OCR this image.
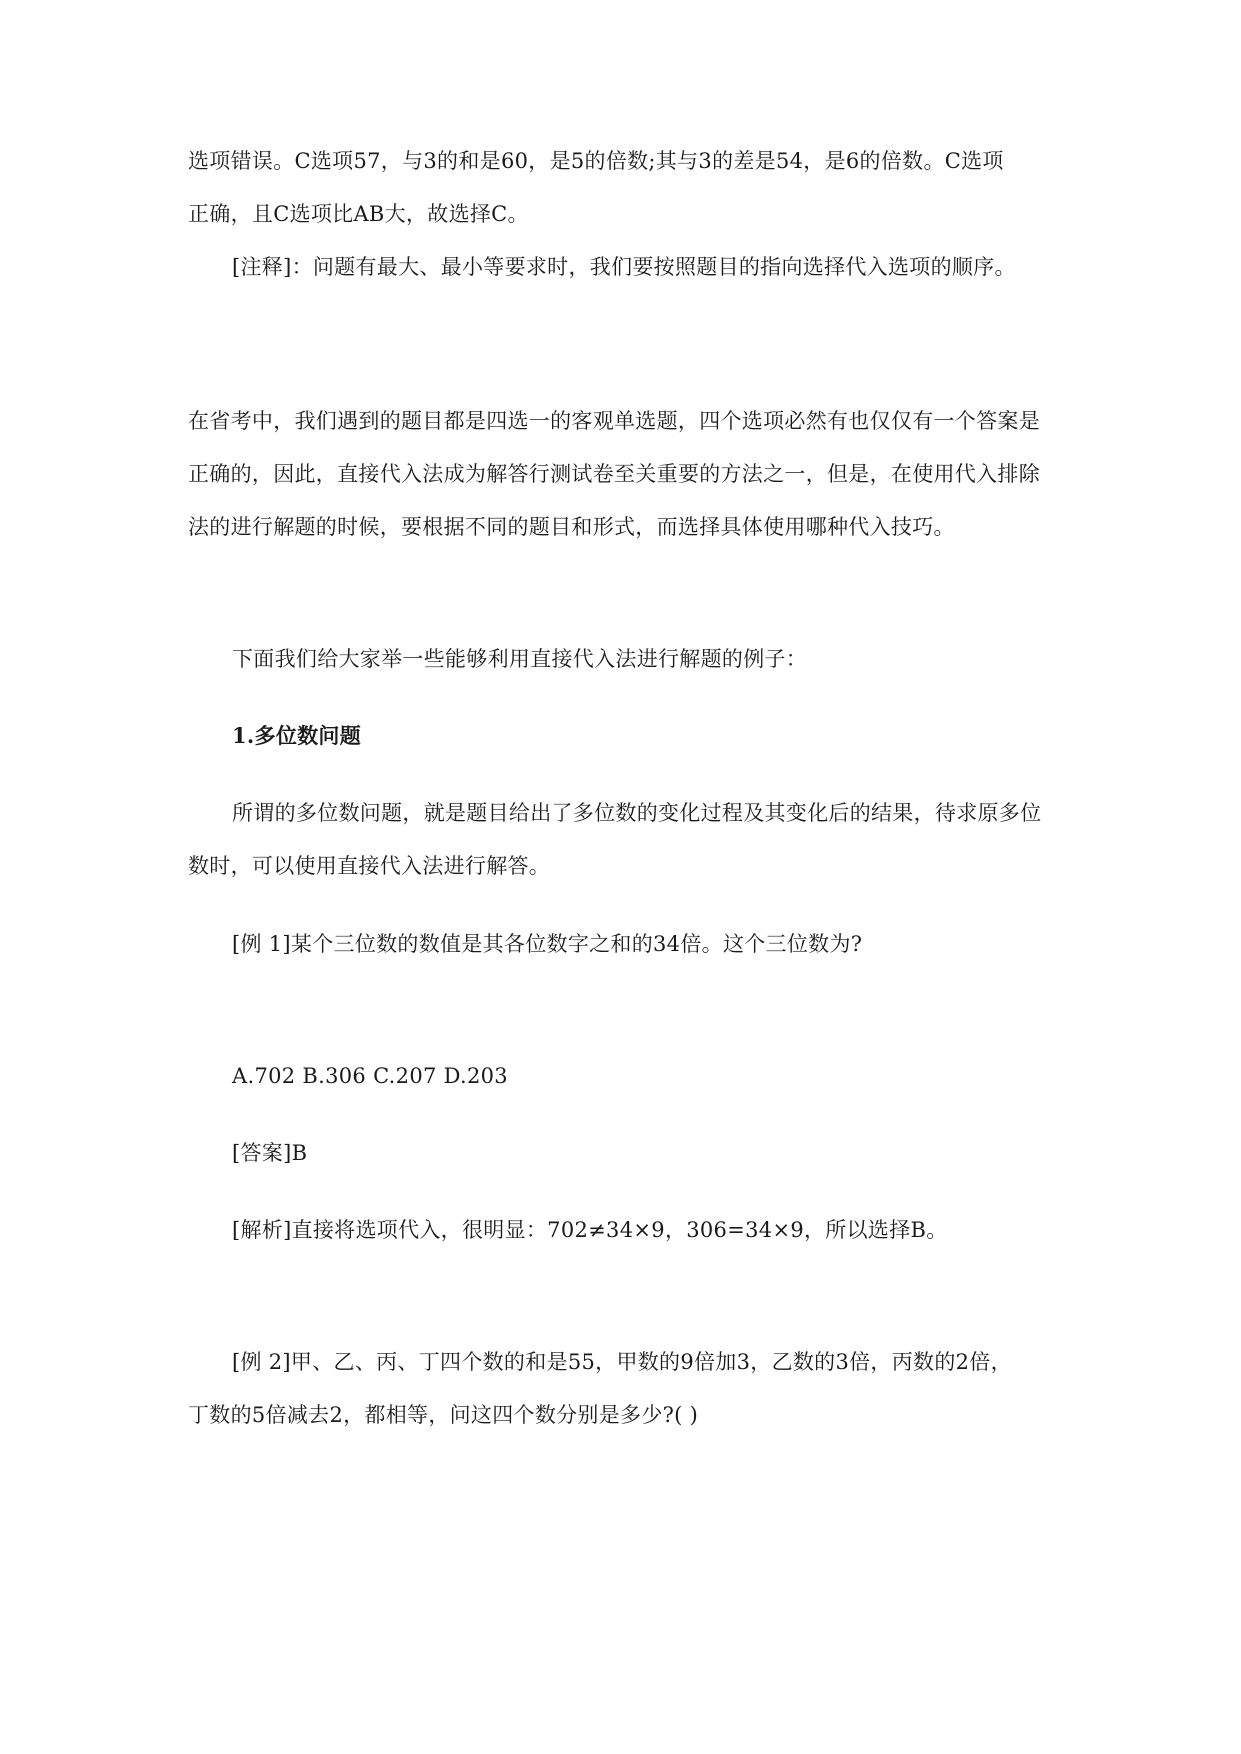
选项错误。C选项57，与3的和是60，是5的倍数;其与3的差是54，是6的倍数。C选项
正确，且C选项比AB大，故选择C。
[注释]：问题有最大、最小等要求时，我们要按照题目的指向选择代入选项的顺序。
在省考中，我们遇到的题目都是四选一的客观单选题，四个选项必然有也仅仅有一个答案是
正确的，因此，直接代入法成为解答行测试卷至关重要的方法之一，但是，在使用代入排除
法的进行解题的时候，要根据不同的题目和形式，而选择具体使用哪种代入技巧。
下面我们给大家举一些能够利用直接代入法进行解题的例子：
1.多位数问题
所谓的多位数问题，就是题目给出了多位数的变化过程及其变化后的结果，待求原多位
数时，可以使用直接代入法进行解答。
[例 1]某个三位数的数值是其各位数字之和的34倍。这个三位数为?
A.702 B.306 C.207 D.203
[答案]B
[解析]直接将选项代入，很明显：702≠34×9，306=34×9，所以选择B。
[例 2]甲、乙、丙、丁四个数的和是55，甲数的9倍加3，乙数的3倍，丙数的2倍，
丁数的5倍减去2，都相等，问这四个数分别是多少?( )
